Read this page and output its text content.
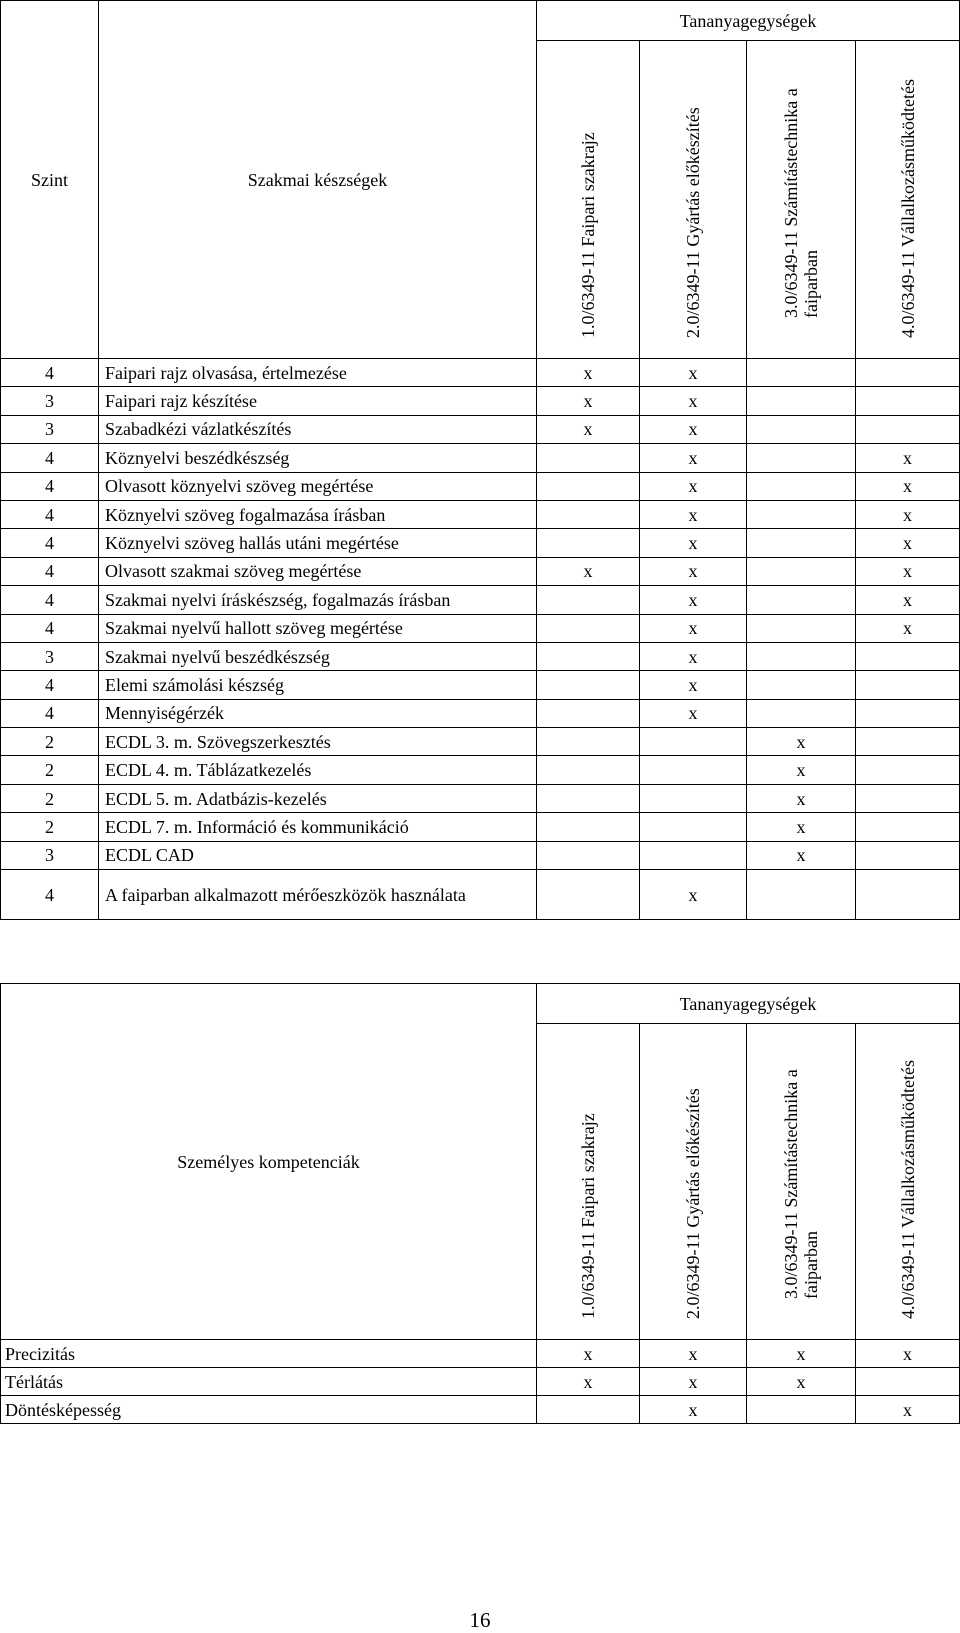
Szint	Szakmai készségek	Tananyagegységek			

		1.0/6349-11 Faipari szakrajz	2.0/6349-11 Gyártás előkészítés	3.0/6349-11 Számítástechnika a faiparban	4.0/6349-11 Vállalkozásműködtetés

4	Faipari rajz olvasása, értelmezése	x	x		
3	Faipari rajz készítése	x	x		
3	Szabadkézi vázlatkészítés	x	x		
4	Köznyelvi beszédkészség		x		x
4	Olvasott köznyelvi szöveg megértése		x		x
4	Köznyelvi szöveg fogalmazása írásban		x		x
4	Köznyelvi szöveg hallás utáni megértése		x		x
4	Olvasott szakmai szöveg megértése	x	x		x
4	Szakmai nyelvi íráskészség, fogalmazás írásban		x		x
4	Szakmai nyelvű hallott szöveg megértése		x		x
3	Szakmai nyelvű beszédkészség		x		
4	Elemi számolási készség		x		
4	Mennyiségérzék		x		
2	ECDL 3. m. Szövegszerkesztés			x	
2	ECDL 4. m. Táblázatkezelés			x	
2	ECDL 5. m. Adatbázis-kezelés			x	
2	ECDL 7. m. Információ és kommunikáció			x	
3	ECDL CAD			x	
4	A faiparban alkalmazott mérőeszközök használata		x		
Személyes kompetenciák	Tananyagegységek			

	1.0/6349-11 Faipari szakrajz	2.0/6349-11 Gyártás előkészítés	3.0/6349-11 Számítástechnika a faiparban	4.0/6349-11 Vállalkozásműködtetés

Precizitás	x	x	x	x
Térlátás	x	x	x	
Döntésképesség		x		x
16
